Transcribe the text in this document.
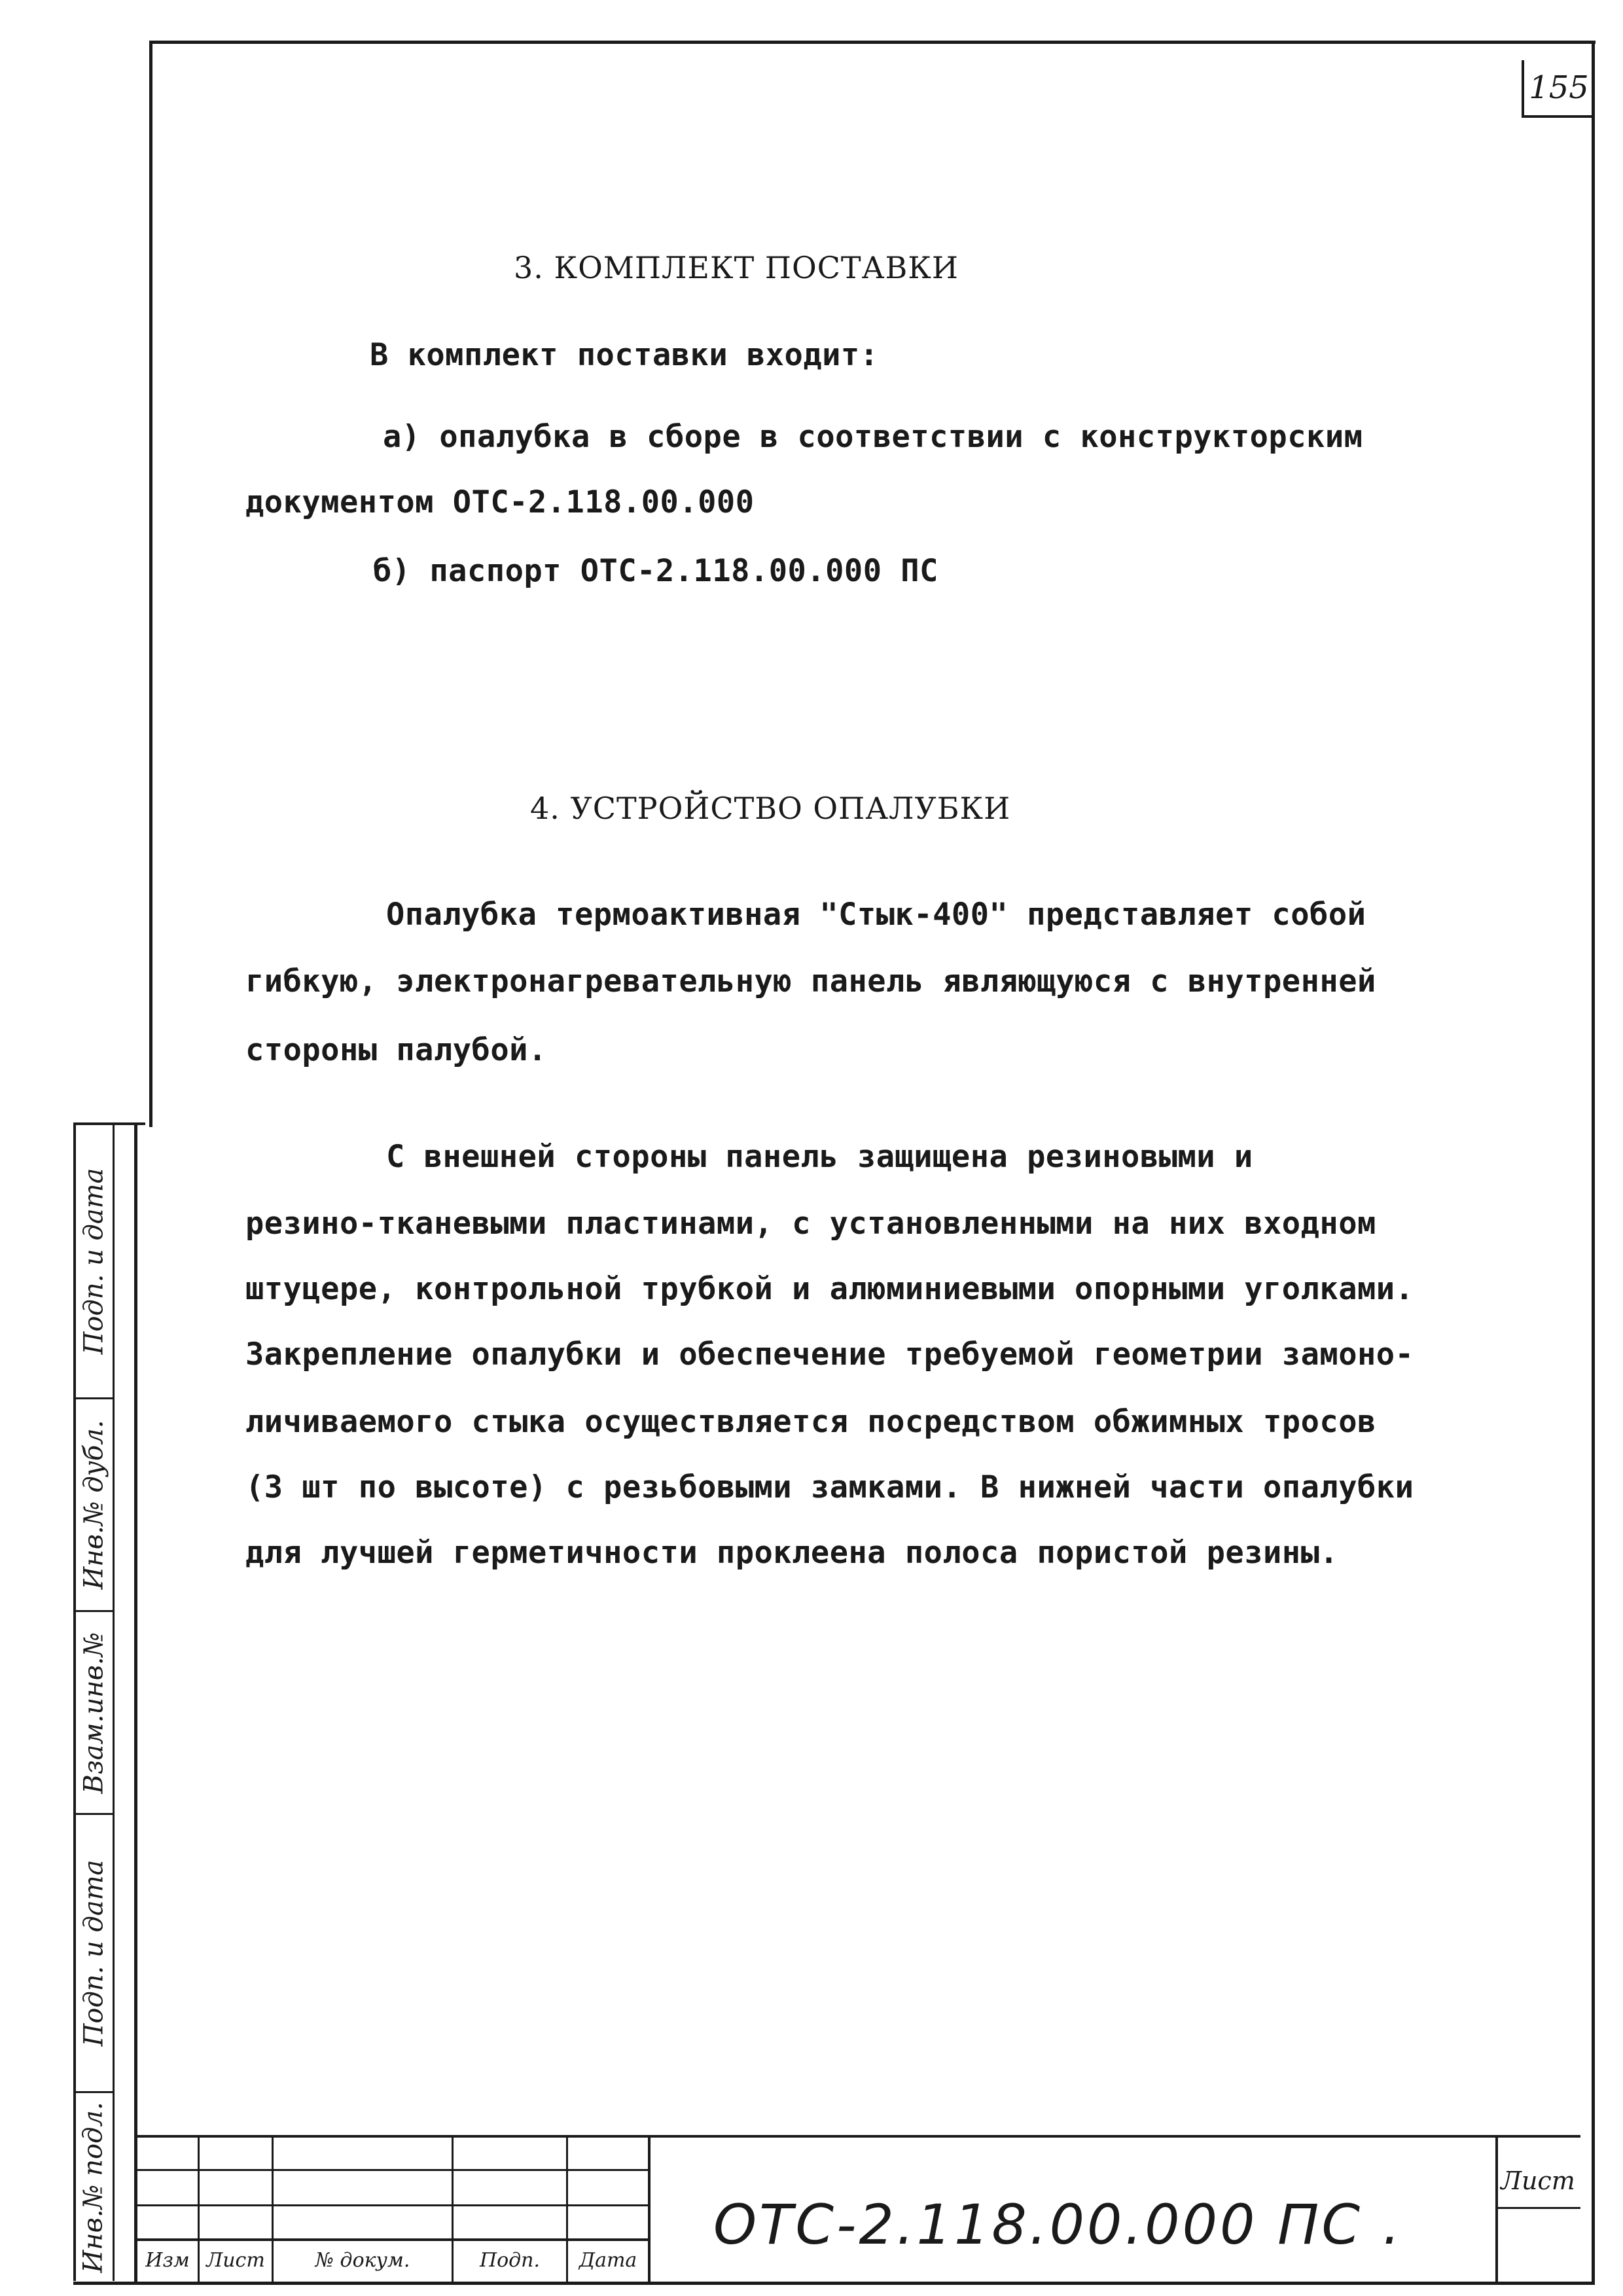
155
3. КОМПЛЕКТ ПОСТАВКИ
В комплект поставки входит:
а) опалубка в сборе в соответствии с конструкторским
документом ОТС-2.118.00.000
б) паспорт ОТС-2.118.00.000 ПС
4. УСТРОЙСТВО ОПАЛУБКИ
Опалубка термоактивная "Стык-400" представляет собой
гибкую, электронагревательную панель являющуюся с внутренней
стороны палубой.
С внешней стороны панель защищена резиновыми и
резино-тканевыми пластинами, с установленными на них входном
штуцере, контрольной трубкой и алюминиевыми опорными уголками.
Закрепление опалубки и обеспечение требуемой геометрии замоно-
личиваемого стыка осуществляется посредством обжимных тросов
(3 шт по высоте) с резьбовыми замками. В нижней части опалубки
для лучшей герметичности проклеена полоса пористой резины.
Подп. и дата
Инв.№ дубл.
Взам.инв.№
Подп. и дата
Инв.№ подл.	Изм Лист	№ докум.	Подп.	Дата
ОТС-2.118.00.000 ПС .
Лист
